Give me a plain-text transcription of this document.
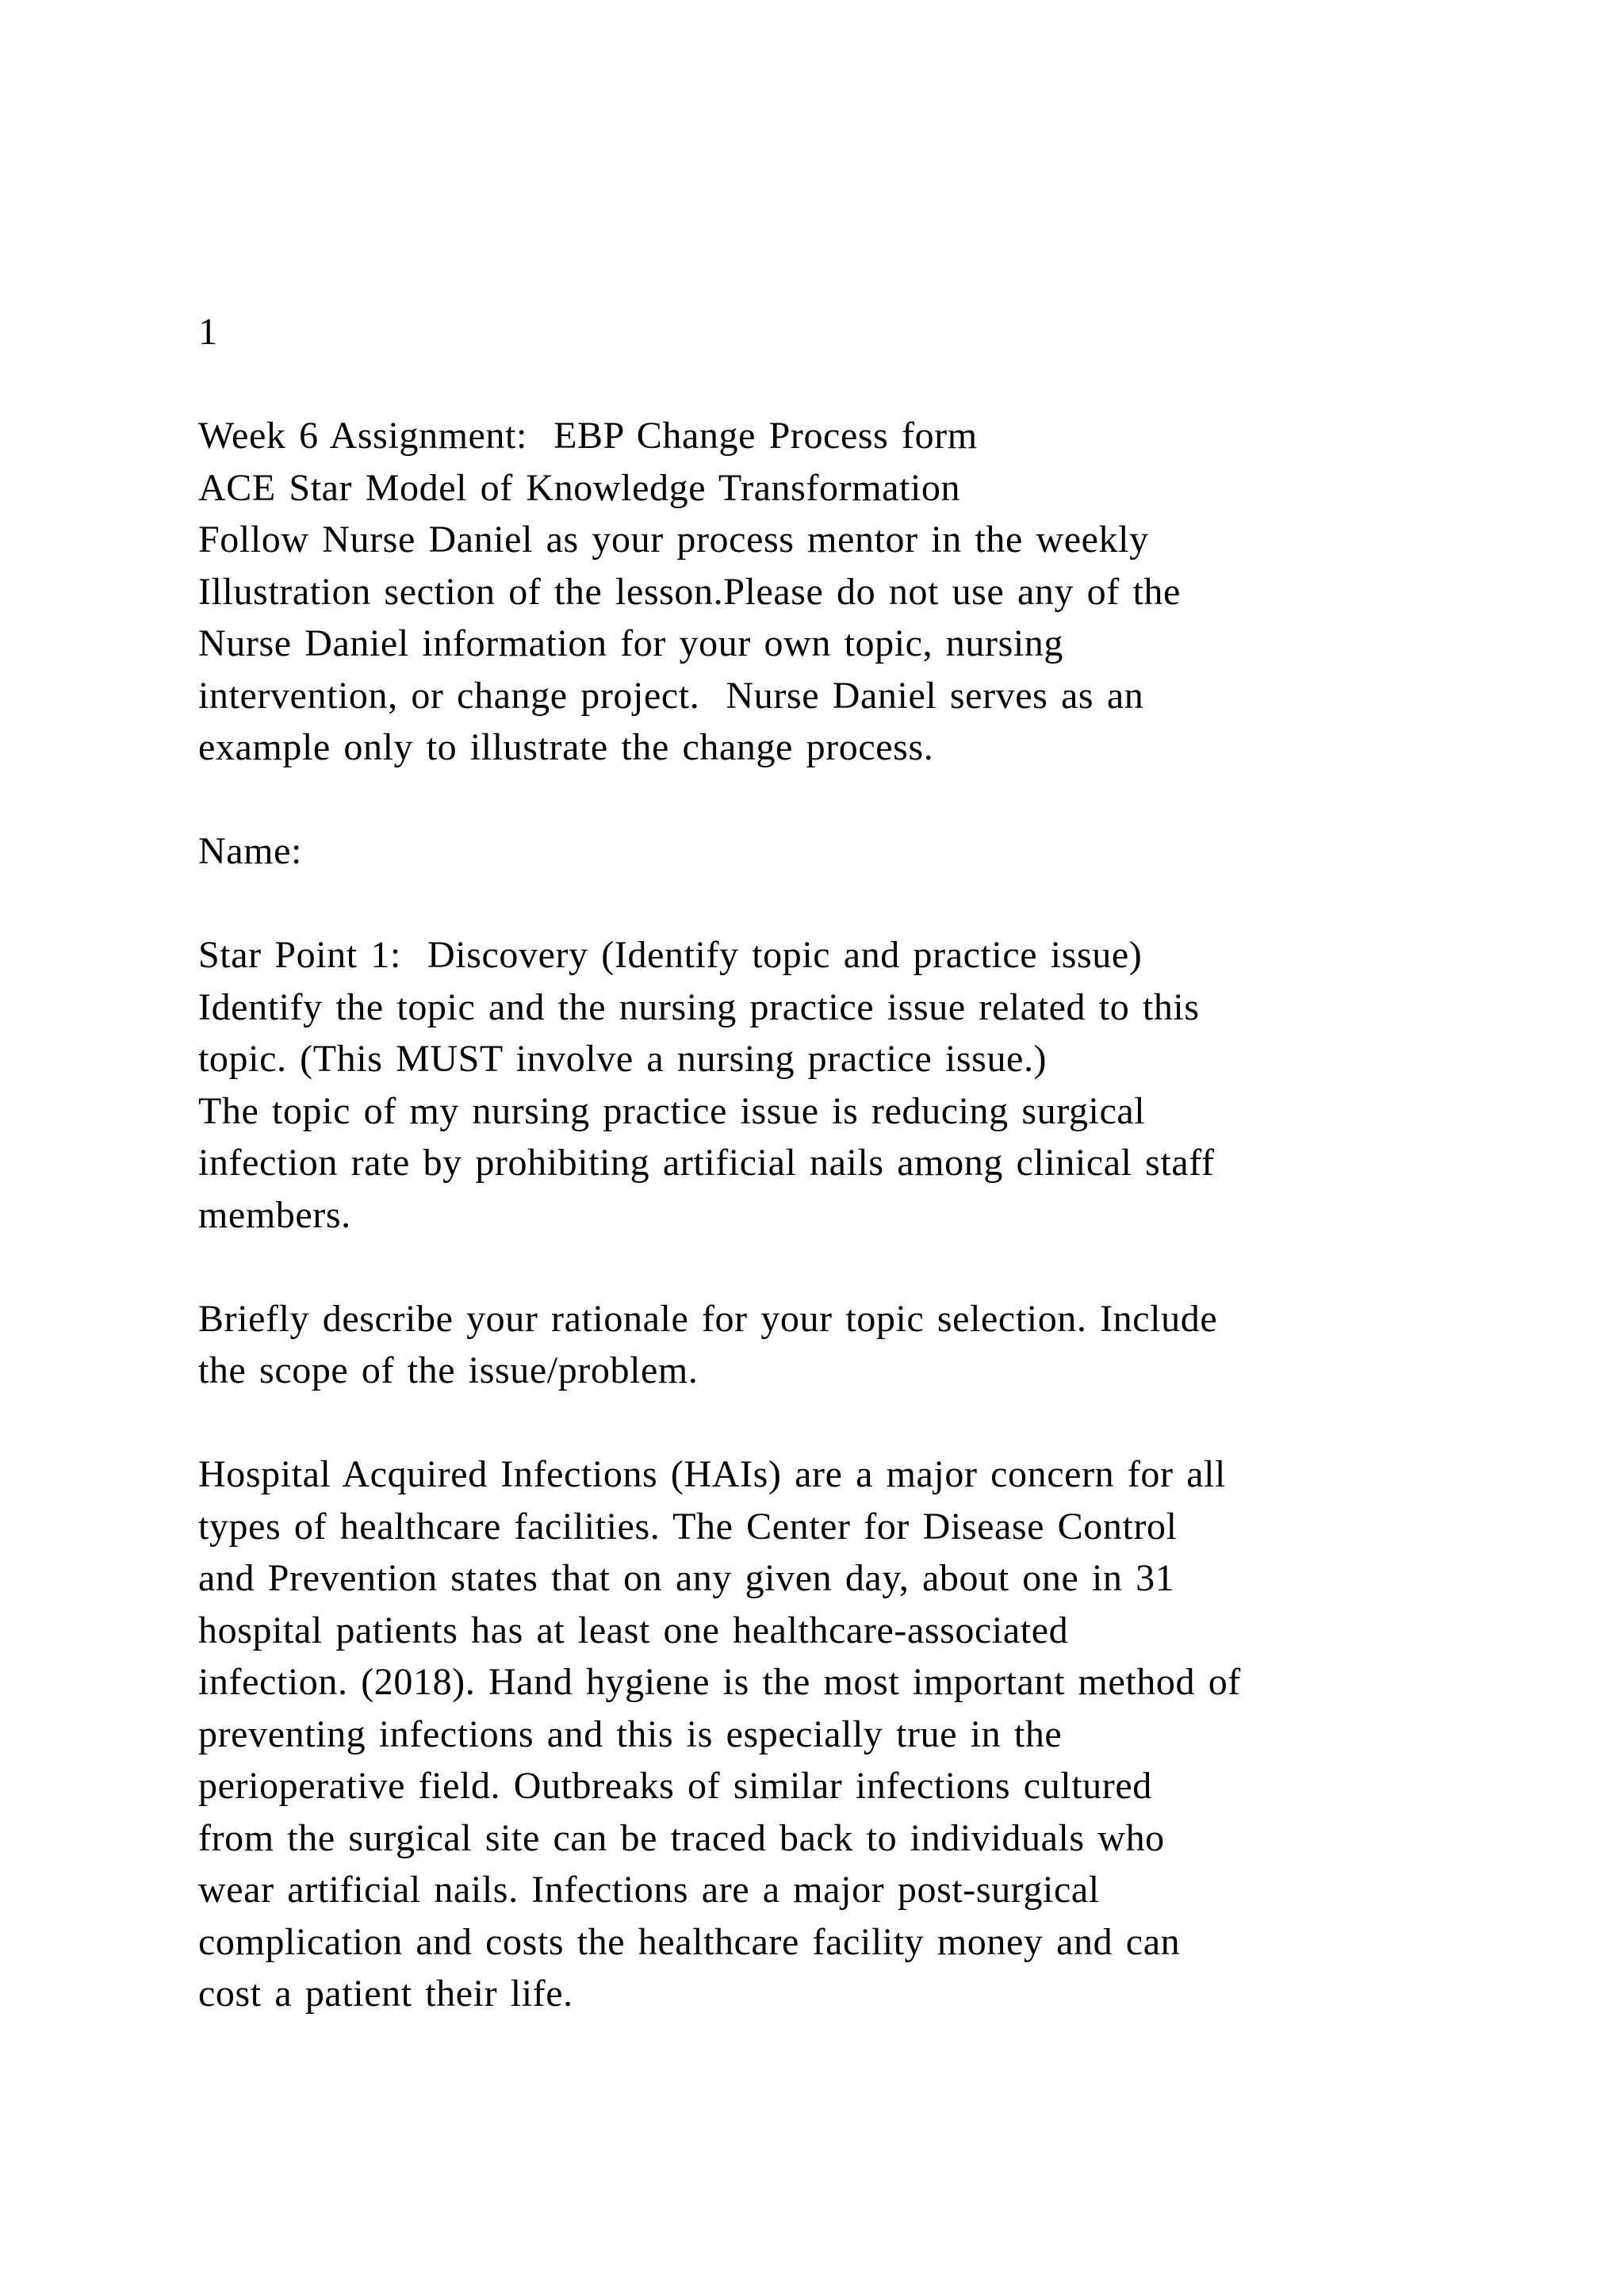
1
Week 6 Assignment:  EBP Change Process form
ACE Star Model of Knowledge Transformation
Follow Nurse Daniel as your process mentor in the weekly
Illustration section of the lesson.Please do not use any of the
Nurse Daniel information for your own topic, nursing
intervention, or change project.  Nurse Daniel serves as an
example only to illustrate the change process.
Name:
Star Point 1:  Discovery (Identify topic and practice issue)
Identify the topic and the nursing practice issue related to this
topic. (This MUST involve a nursing practice issue.)
The topic of my nursing practice issue is reducing surgical
infection rate by prohibiting artificial nails among clinical staff
members.
Briefly describe your rationale for your topic selection. Include
the scope of the issue/problem.
Hospital Acquired Infections (HAIs) are a major concern for all
types of healthcare facilities. The Center for Disease Control
and Prevention states that on any given day, about one in 31
hospital patients has at least one healthcare-associated
infection. (2018). Hand hygiene is the most important method of
preventing infections and this is especially true in the
perioperative field. Outbreaks of similar infections cultured
from the surgical site can be traced back to individuals who
wear artificial nails. Infections are a major post-surgical
complication and costs the healthcare facility money and can
cost a patient their life.
